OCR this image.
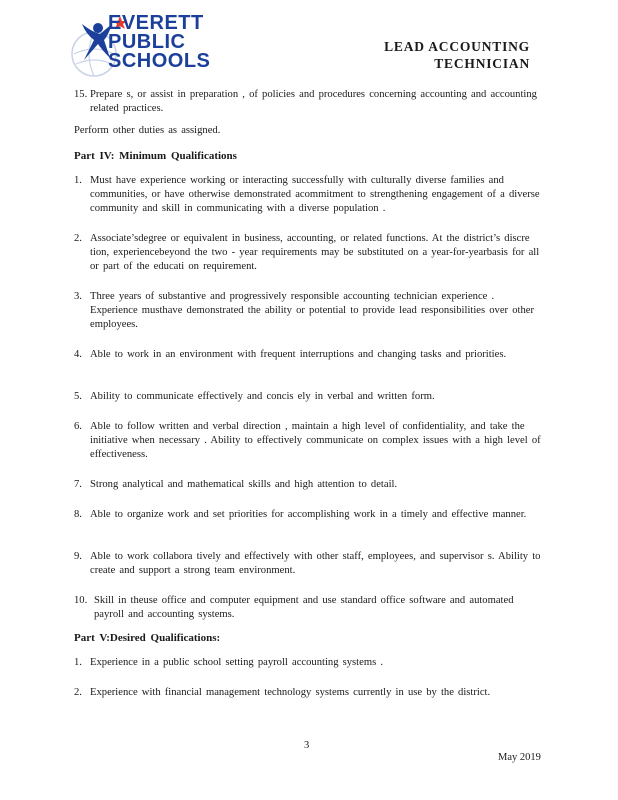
EVERETT
PUBLIC
SCHOOLS
LEAD ACCOUNTING
TECHNICIAN
15. Prepare s, or assist in preparation , of policies and procedures concerning accounting and accounting related practices.
Perform other duties as assigned.
Part IV: Minimum Qualifications
1. Must have experience working or interacting successfully with culturally diverse families and communities, or have otherwise demonstrated acommitment to strengthening engagement of a diverse community and skill in communicating with a diverse population .
2. Associate’sdegree or equivalent in business, accounting, or related functions. At the district’s discre tion, experiencebeyond the two - year requirements may be substituted on a year-for-yearbasis for all or part of the educati on requirement.
3. Three years of substantive and progressively responsible accounting technician experience . Experience musthave demonstrated the ability or potential to provide lead responsibilities over other employees.
4. Able to work in an environment with frequent interruptions and changing tasks and priorities.
5. Ability to communicate effectively and concis ely in verbal and written form.
6. Able to follow written and verbal direction , maintain a high level of confidentiality, and take the initiative when necessary . Ability to effectively communicate on complex issues with a high level of effectiveness.
7. Strong analytical and mathematical skills and high attention to detail.
8. Able to organize work and set priorities for accomplishing work in a timely and effective manner.
9. Able to work collabora tively and effectively with other staff, employees, and supervisor s. Ability to create and support a strong team environment.
10. Skill in theuse office and computer equipment and use standard office software and automated payroll and accounting systems.
Part V:Desired Qualifications:
1. Experience in a public school setting payroll accounting systems .
2. Experience with financial management technology systems currently in use by the district.
3
May 2019
